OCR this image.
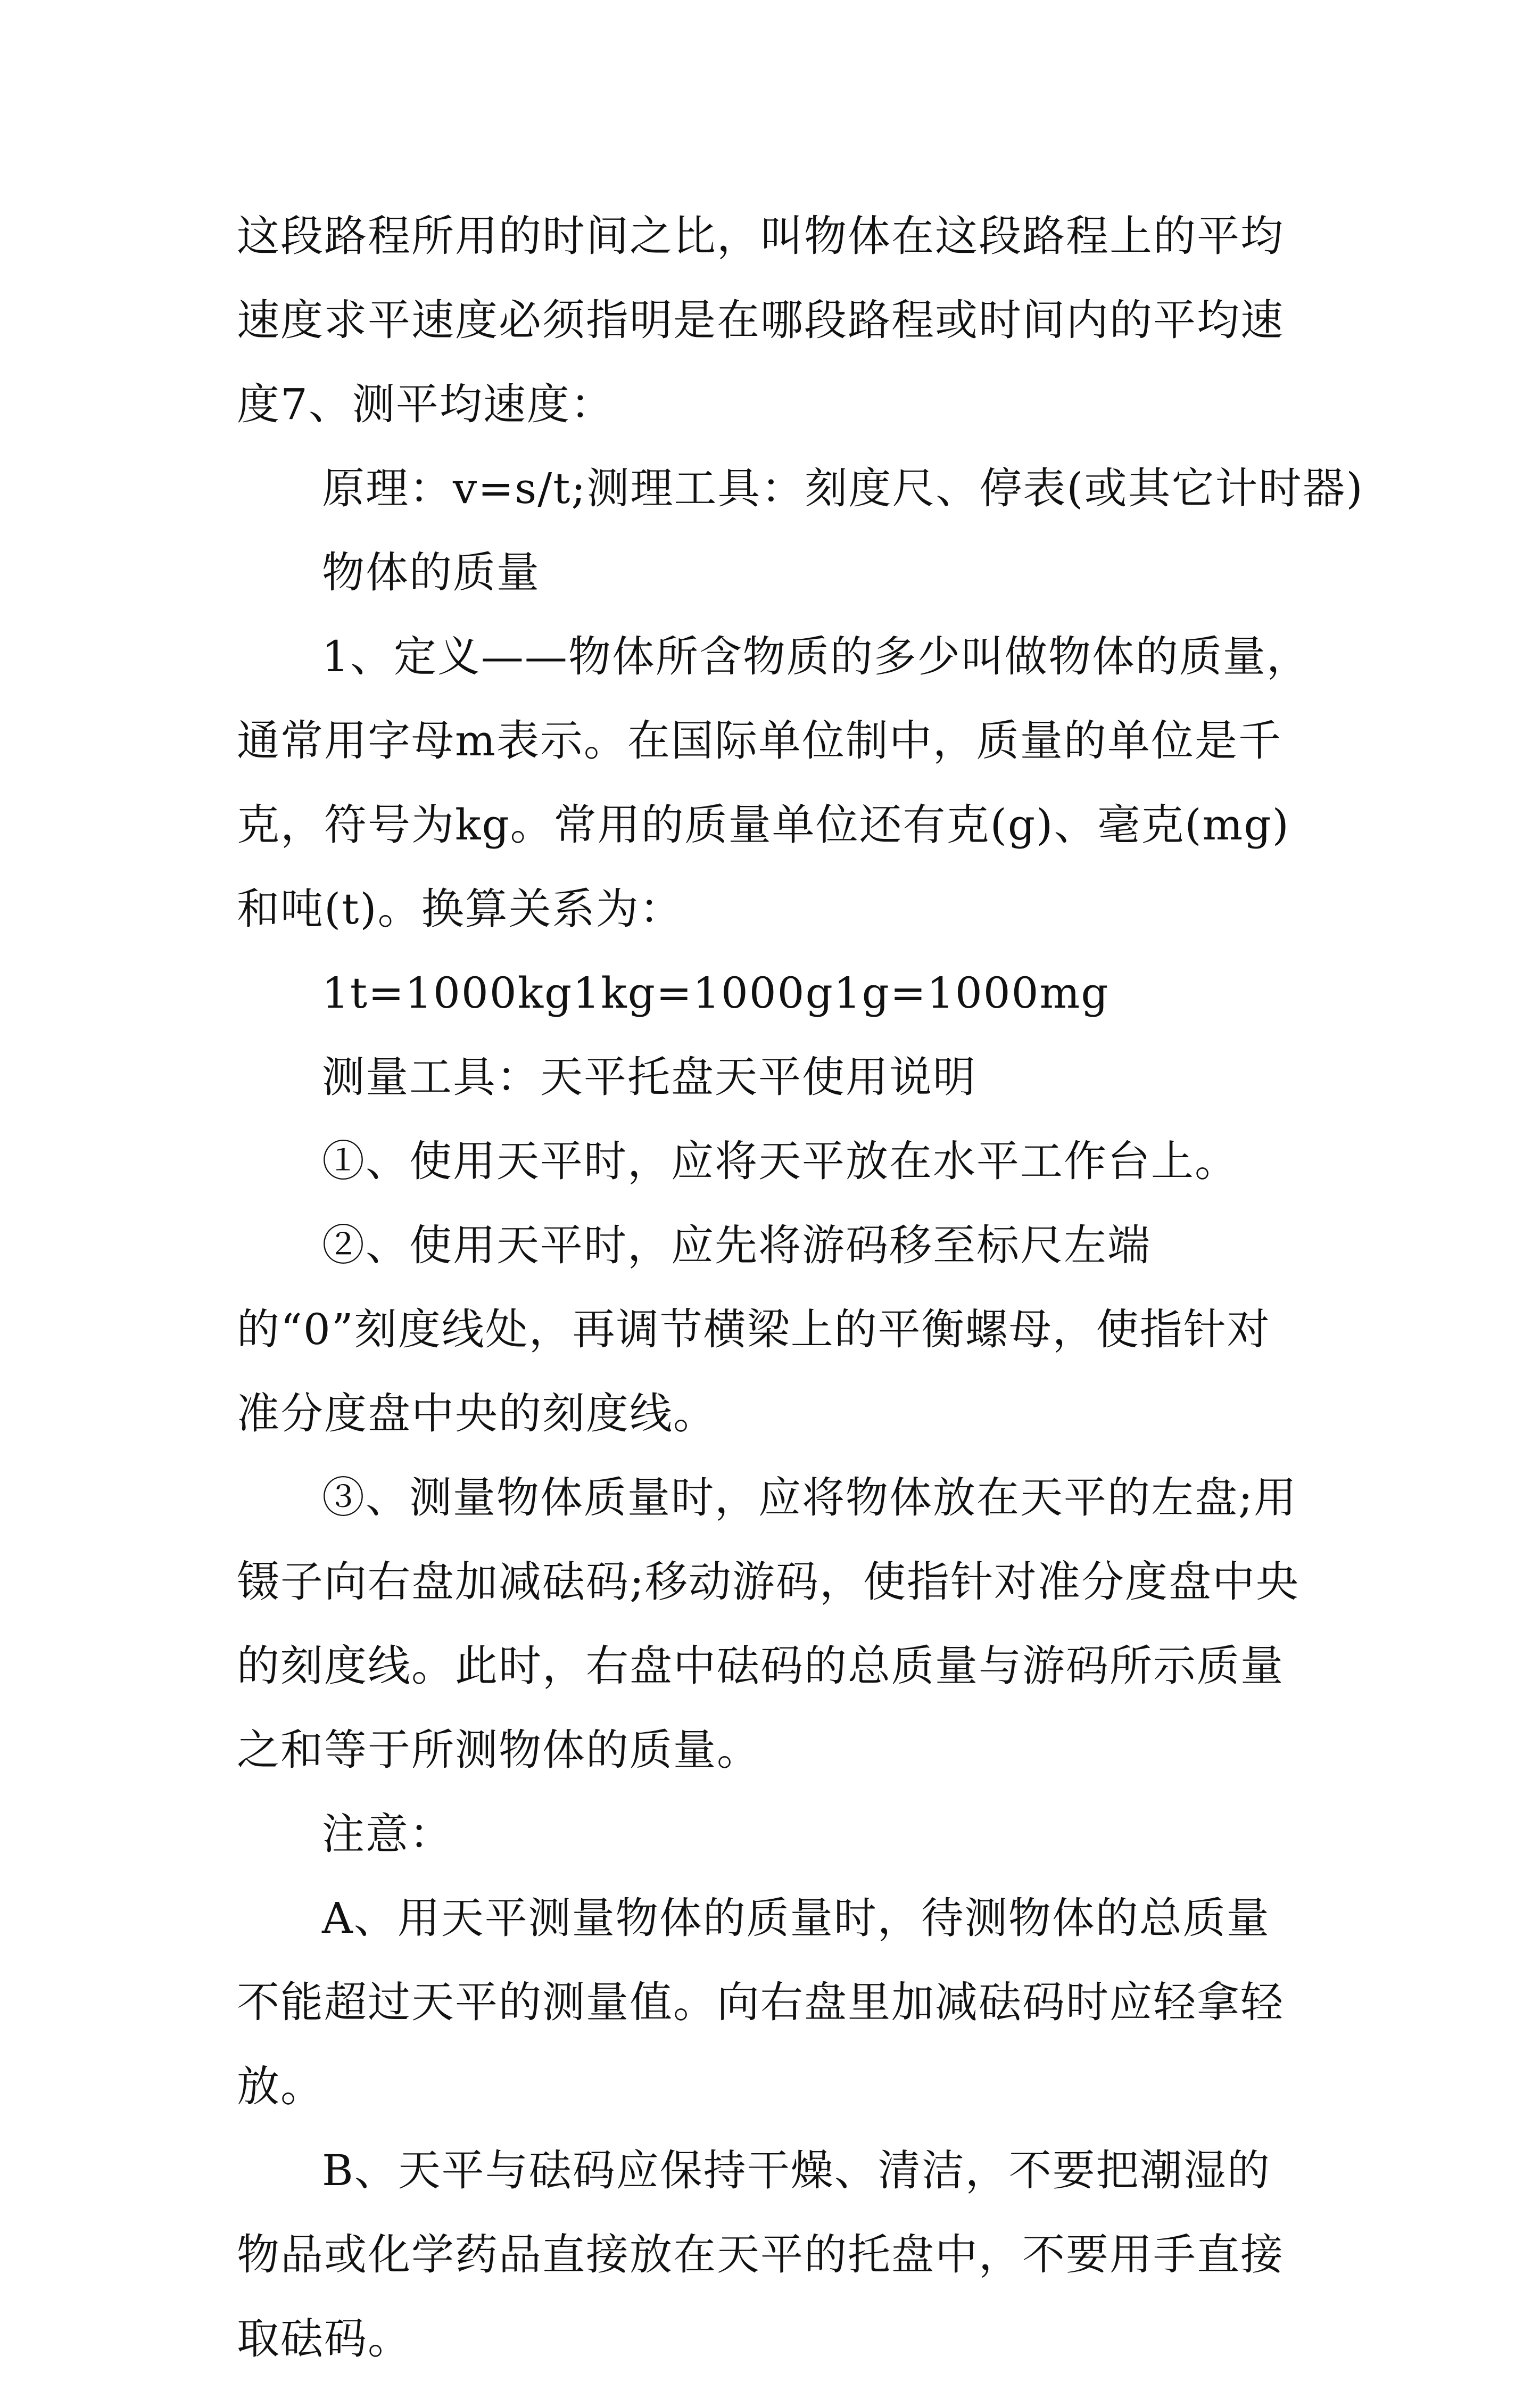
这段路程所用的时间之比，叫物体在这段路程上的平均速度求平速度必须指明是在哪段路程或时间内的平均速度7、测平均速度：

原理：v=s/t;测理工具：刻度尺、停表(或其它计时器)

物体的质量

1、定义——物体所含物质的多少叫做物体的质量，通常用字母m表示。在国际单位制中，质量的单位是千克，符号为kg。常用的质量单位还有克(g)、毫克(mg)和吨(t)。换算关系为：

1t=1000kg1kg=1000g1g=1000mg

测量工具：天平托盘天平使用说明

①、使用天平时，应将天平放在水平工作台上。

②、使用天平时，应先将游码移至标尺左端的“0”刻度线处，再调节横梁上的平衡螺母，使指针对准分度盘中央的刻度线。

③、测量物体质量时，应将物体放在天平的左盘;用镊子向右盘加减砝码;移动游码，使指针对准分度盘中央的刻度线。此时，右盘中砝码的总质量与游码所示质量之和等于所测物体的质量。

注意：

A、用天平测量物体的质量时，待测物体的总质量不能超过天平的测量值。向右盘里加减砝码时应轻拿轻放。

B、天平与砝码应保持干燥、清洁，不要把潮湿的物品或化学药品直接放在天平的托盘中，不要用手直接取砝码。
